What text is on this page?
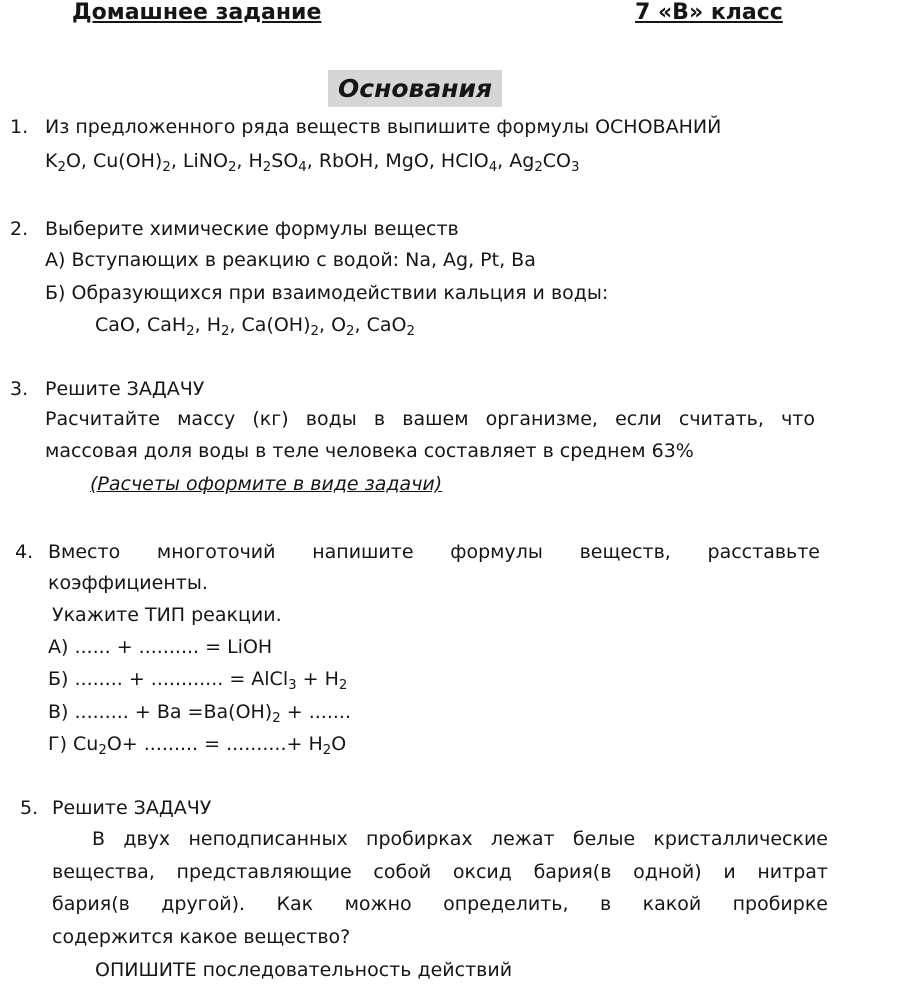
Домашнее задание	7 «В» класс
Основания
1. Из предложенного ряда веществ выпишите формулы ОСНОВАНИЙ
$K_2O$, $Cu(OH)_2$, LiNO$_2$, $H_2SO_4$, RbOH, MgO, HClO$_4$, $Ag_2CO_3$
2. Выберите химические формулы веществ
А) Вступающих в реакцию с водой: Na, Ag, Pt, Ba
Б) Образующихся при взаимодействии кальция и воды:
CaO, CaH$_2$, $H_2$, $Ca(OH)_2$, $O_2$, CaO$_2$
3. Решите ЗАДАЧУ
Расчитайте массу (кг) воды в вашем организме, если считать, что
массовая доля воды в теле человека составляет в среднем 63%
(Расчеты оформите в виде задачи)
4. Вместо многоточий напишите формулы веществ, расставьте
коэффициенты.
Укажите ТИП реакции.
А) ...... + .......... = LiOH
Б) ........ + ............ = AlCl$_3$ + $H_2$
В) ......... + $Ba =Ba(OH)_2$ + .......
Г) $Cu_2O+$ ......... = ..........+ $H_2O$
5. Решите ЗАДАЧУ
В двух неподписанных пробирках лежат белые кристаллические
вещества, представляющие собой оксид бария(в одной) и нитрат
бария(в другой). Как можно определить, в какой пробирке
содержится какое вещество?
ОПИШИТЕ последовательность действий
